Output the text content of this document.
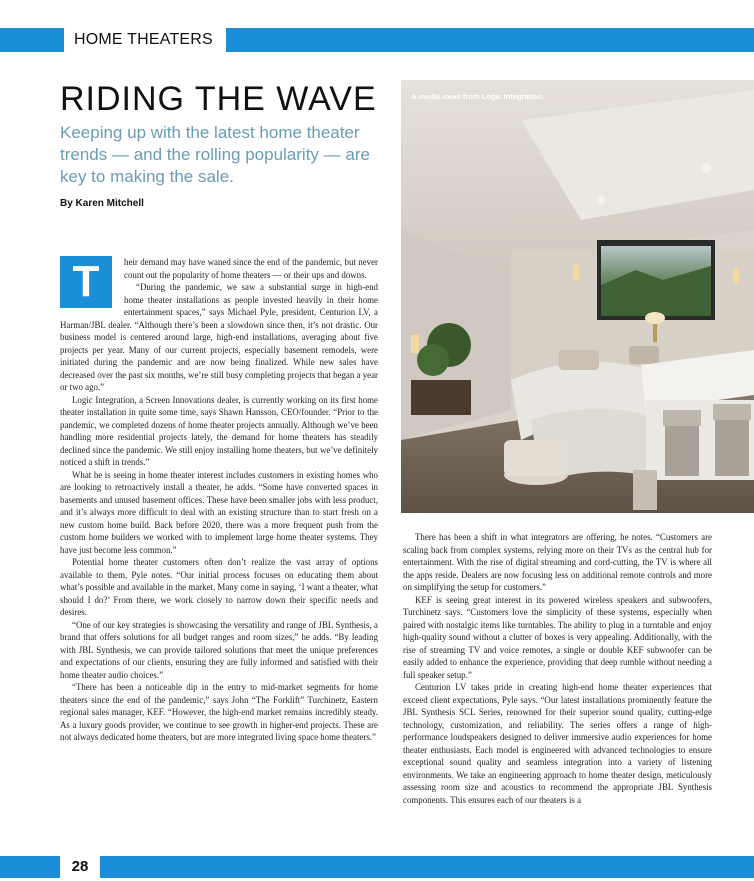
HOME THEATERS
RIDING THE WAVE

Keeping up with the latest home theater trends — and the rolling popularity — are key to making the sale.

By Karen Mitchell

T	heir demand may have waned since the end of the pandemic, but never count out the popularity of home theaters — or their ups and downs.

“During the pandemic, we saw a substantial surge in high-end home theater installations as people invested heavily in their home entertainment spaces,” says Michael Pyle, president, Centurion LV, a Harman/JBL dealer. “Although there’s been a slowdown since then, it’s not drastic. Our business model is centered around large, high-end installations, averaging about five projects per year. Many of our current projects, especially basement remodels, were initiated during the pandemic and are now being finalized. While new sales have decreased over the past six months, we’re still busy completing projects that began a year or two ago.”

Logic Integration, a Screen Innovations dealer, is currently working on its first home theater installation in quite some time, says Shawn Hansson, CEO/founder. “Prior to the pandemic, we completed dozens of home theater projects annually. Although we’ve been handling more residential projects lately, the demand for home theaters has steadily declined since the pandemic. We still enjoy installing home theaters, but we’ve definitely noticed a shift in trends.”

What he is seeing in home theater interest includes customers in existing homes who are looking to retroactively install a theater, he adds. “Some have converted spaces in basements and unused basement offices. These have been smaller jobs with less product, and it’s always more difficult to deal with an existing structure than to start fresh on a new custom home build. Back before 2020, there was a more frequent push from the custom home builders we worked with to implement large home theater systems. They have just become less common.”

Potential home theater customers often don’t realize the vast array of options available to them, Pyle notes. “Our initial process focuses on educating them about what’s possible and available in the market. Many come in saying, ‘I want a theater, what should I do?’ From there, we work closely to narrow down their specific needs and desires.

“One of our key strategies is showcasing the versatility and range of JBL Synthesis, a brand that offers solutions for all budget ranges and room sizes,” he adds. “By leading with JBL Synthesis, we can provide tailored solutions that meet the unique preferences and expectations of our clients, ensuring they are fully informed and satisfied with their home theater audio choices.”

“There has been a noticeable dip in the entry to mid-market segments for home theaters since the end of the pandemic,” says John “The Forklift” Turchinetz, Eastern regional sales manager, KEF. “However, the high-end market remains incredibly steady. As a luxury goods provider, we continue to see growth in higher-end projects. These are not always dedicated home theaters, but are more integrated living space home theaters.”

A media room from Logic Integration.

There has been a shift in what integrators are offering, he notes. “Customers are scaling back from complex systems, relying more on their TVs as the central hub for entertainment. With the rise of digital streaming and cord-cutting, the TV is where all the apps reside. Dealers are now focusing less on additional remote controls and more on simplifying the setup for customers.”

KEF is seeing great interest in its powered wireless speakers and subwoofers, Turchinetz says. “Customers love the simplicity of these systems, especially when paired with nostalgic items like turntables. The ability to plug in a turntable and enjoy high-quality sound without a clutter of boxes is very appealing. Additionally, with the rise of streaming TV and voice remotes, a single or double KEF subwoofer can be easily added to enhance the experience, providing that deep rumble without needing a full speaker setup.”

Centurion LV takes pride in creating high-end home theater experiences that exceed client expectations, Pyle says. “Our latest installations prominently feature the JBL Synthesis SCL Series, renowned for their superior sound quality, cutting-edge technology, customization, and reliability. The series offers a range of high-performance loudspeakers designed to deliver immersive audio experiences for home theater enthusiasts. Each model is engineered with advanced technologies to ensure exceptional sound quality and seamless integration into a variety of listening environments. We take an engineering approach to home theater design, meticulously assessing room size and acoustics to recommend the appropriate JBL Synthesis components. This ensures each of our theaters is a

28
